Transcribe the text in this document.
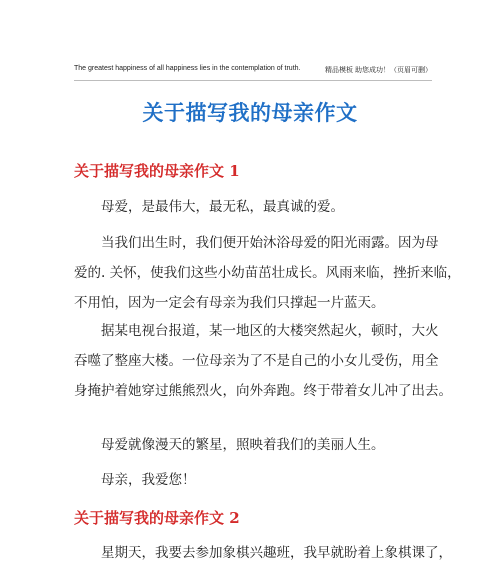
The greatest happiness of all happiness lies in the contemplation of truth.	精品模板 助您成功！（页眉可删）
关于描写我的母亲作文
关于描写我的母亲作文 1
母爱，是最伟大，最无私，最真诚的爱。
当我们出生时，我们便开始沐浴母爱的阳光雨露。因为母
爱的. 关怀，使我们这些小幼苗茁壮成长。风雨来临，挫折来临，
不用怕，因为一定会有母亲为我们只撑起一片蓝天。
据某电视台报道，某一地区的大楼突然起火，顿时，大火
吞噬了整座大楼。一位母亲为了不是自己的小女儿受伤，用全
身掩护着她穿过熊熊烈火，向外奔跑。终于带着女儿冲了出去。
母爱就像漫天的繁星，照映着我们的美丽人生。
母亲，我爱您！
关于描写我的母亲作文 2
星期天，我要去参加象棋兴趣班，我早就盼着上象棋课了，
